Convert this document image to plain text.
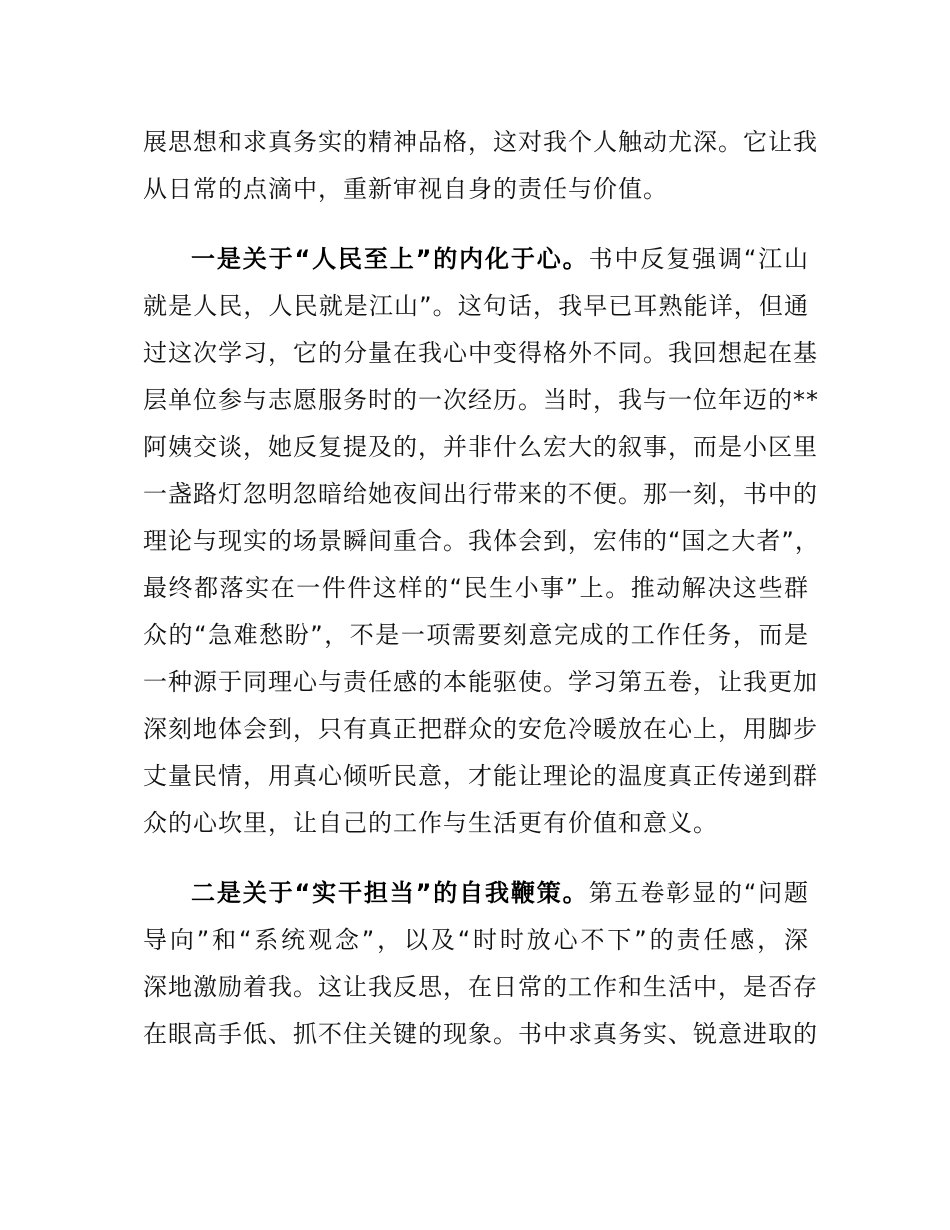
展思想和求真务实的精神品格，这对我个人触动尤深。它让我
从日常的点滴中，重新审视自身的责任与价值。
一是关于“人民至上”的内化于心。书中反复强调“江山
就是人民，人民就是江山”。这句话，我早已耳熟能详，但通
过这次学习，它的分量在我心中变得格外不同。我回想起在基
层单位参与志愿服务时的一次经历。当时，我与一位年迈的**
阿姨交谈，她反复提及的，并非什么宏大的叙事，而是小区里
一盏路灯忽明忽暗给她夜间出行带来的不便。那一刻，书中的
理论与现实的场景瞬间重合。我体会到，宏伟的“国之大者”，
最终都落实在一件件这样的“民生小事”上。推动解决这些群
众的“急难愁盼”，不是一项需要刻意完成的工作任务，而是
一种源于同理心与责任感的本能驱使。学习第五卷，让我更加
深刻地体会到，只有真正把群众的安危冷暖放在心上，用脚步
丈量民情，用真心倾听民意，才能让理论的温度真正传递到群
众的心坎里，让自己的工作与生活更有价值和意义。
二是关于“实干担当”的自我鞭策。第五卷彰显的“问题
导向”和“系统观念”，以及“时时放心不下”的责任感，深
深地激励着我。这让我反思，在日常的工作和生活中，是否存
在眼高手低、抓不住关键的现象。书中求真务实、锐意进取的
